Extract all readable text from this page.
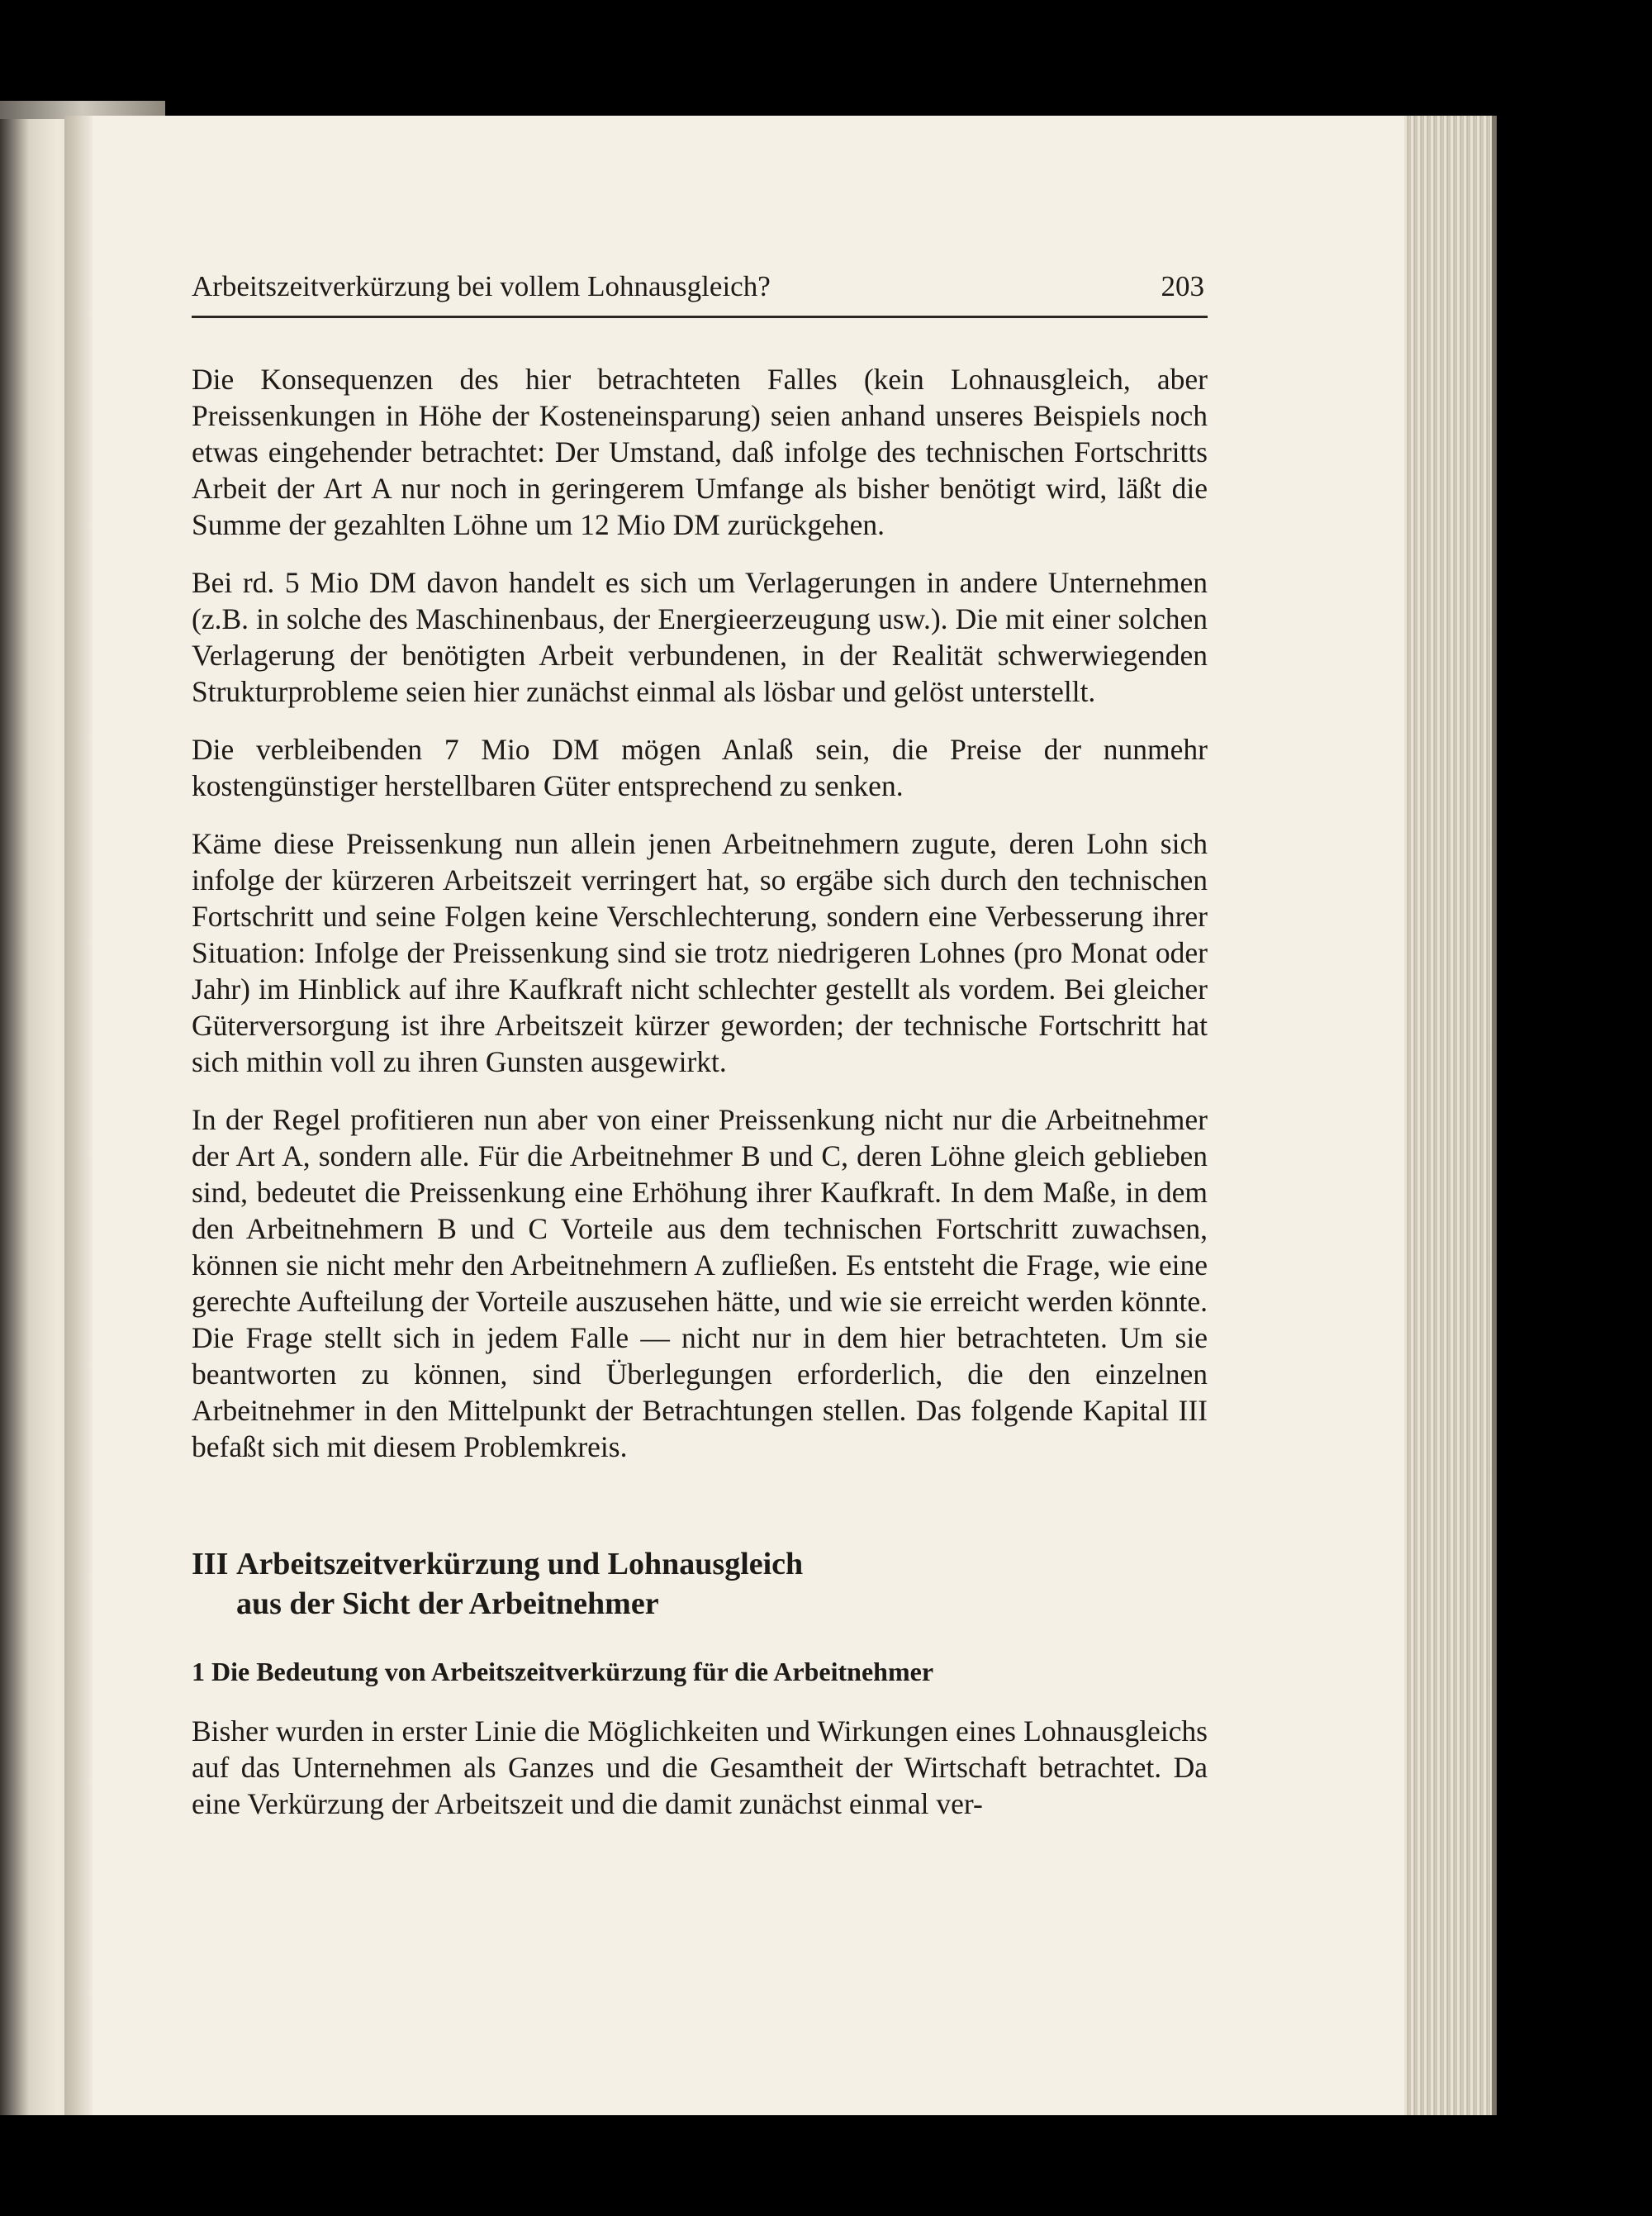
Arbeitszeitverkürzung bei vollem Lohnausgleich?	203

Die Konsequenzen des hier betrachteten Falles (kein Lohnausgleich, aber Preissenkungen in Höhe der Kosteneinsparung) seien anhand unseres Beispiels noch etwas eingehender betrachtet: Der Umstand, daß infolge des technischen Fortschritts Arbeit der Art A nur noch in geringerem Umfange als bisher benötigt wird, läßt die Summe der gezahlten Löhne um 12 Mio DM zurückgehen.

Bei rd. 5 Mio DM davon handelt es sich um Verlagerungen in andere Unternehmen (z.B. in solche des Maschinenbaus, der Energieerzeugung usw.). Die mit einer solchen Verlagerung der benötigten Arbeit verbundenen, in der Realität schwerwiegenden Strukturprobleme seien hier zunächst einmal als lösbar und gelöst unterstellt.

Die verbleibenden 7 Mio DM mögen Anlaß sein, die Preise der nunmehr kostengünstiger herstellbaren Güter entsprechend zu senken.

Käme diese Preissenkung nun allein jenen Arbeitnehmern zugute, deren Lohn sich infolge der kürzeren Arbeitszeit verringert hat, so ergäbe sich durch den technischen Fortschritt und seine Folgen keine Verschlechterung, sondern eine Verbesserung ihrer Situation: Infolge der Preissenkung sind sie trotz niedrigeren Lohnes (pro Monat oder Jahr) im Hinblick auf ihre Kaufkraft nicht schlechter gestellt als vordem. Bei gleicher Güterversorgung ist ihre Arbeitszeit kürzer geworden; der technische Fortschritt hat sich mithin voll zu ihren Gunsten ausgewirkt.

In der Regel profitieren nun aber von einer Preissenkung nicht nur die Arbeitnehmer der Art A, sondern alle. Für die Arbeitnehmer B und C, deren Löhne gleich geblieben sind, bedeutet die Preissenkung eine Erhöhung ihrer Kaufkraft. In dem Maße, in dem den Arbeitnehmern B und C Vorteile aus dem technischen Fortschritt zuwachsen, können sie nicht mehr den Arbeitnehmern A zufließen. Es entsteht die Frage, wie eine gerechte Aufteilung der Vorteile auszusehen hätte, und wie sie erreicht werden könnte. Die Frage stellt sich in jedem Falle — nicht nur in dem hier betrachteten. Um sie beantworten zu können, sind Überlegungen erforderlich, die den einzelnen Arbeitnehmer in den Mittelpunkt der Betrachtungen stellen. Das folgende Kapital III befaßt sich mit diesem Problemkreis.

III Arbeitszeitverkürzung und Lohnausgleich
aus der Sicht der Arbeitnehmer
1 Die Bedeutung von Arbeitszeitverkürzung für die Arbeitnehmer

Bisher wurden in erster Linie die Möglichkeiten und Wirkungen eines Lohnausgleichs auf das Unternehmen als Ganzes und die Gesamtheit der Wirtschaft betrachtet. Da eine Verkürzung der Arbeitszeit und die damit zunächst einmal ver-
